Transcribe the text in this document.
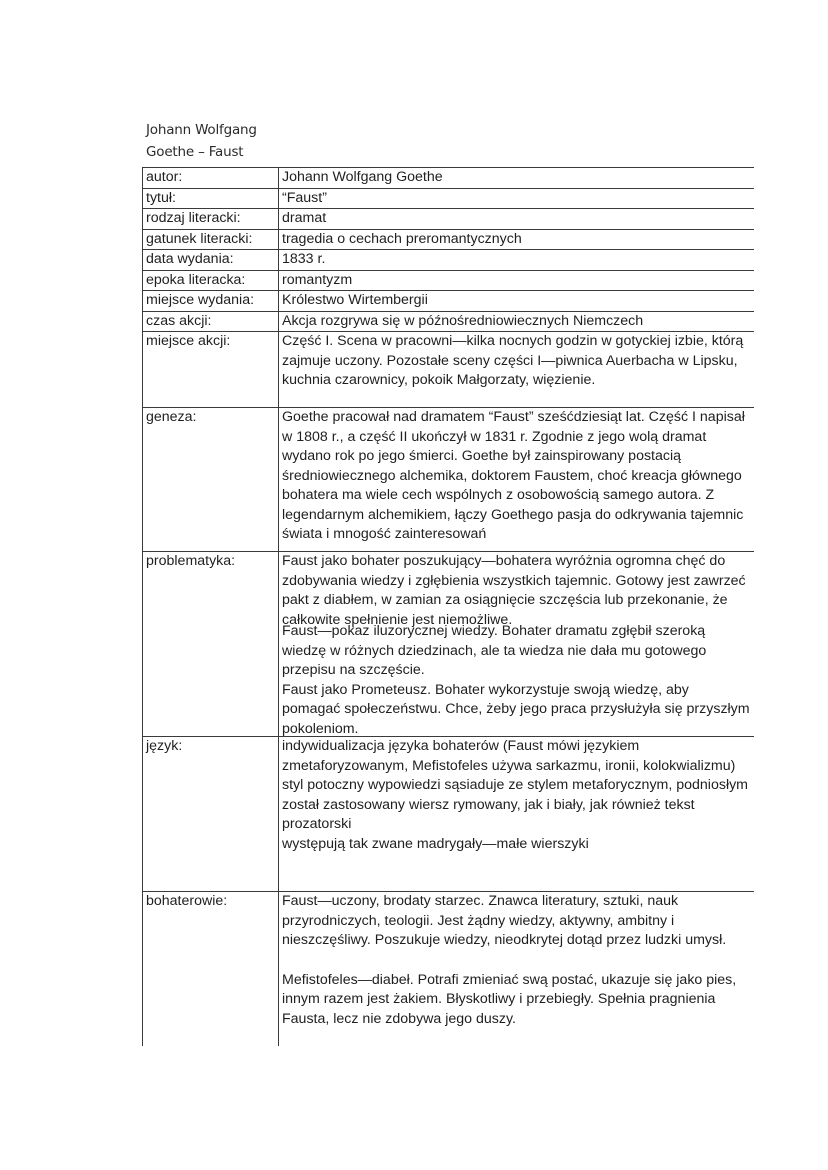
Johann Wolfgang
Goethe – Faust
autor:	Johann Wolfgang Goethe
tytuł:	“Faust”
rodzaj literacki:	dramat
gatunek literacki:	tragedia o cechach preromantycznych
data wydania:	1833 r.
epoka literacka:	romantyzm
miejsce wydania:	Królestwo Wirtembergii
czas akcji:	Akcja rozgrywa się w późnośredniowiecznych Niemczech
miejsce akcji:	Część I. Scena w pracowni—kilka nocnych godzin w gotyckiej izbie, którą zajmuje uczony. Pozostałe sceny części I—piwnica Auerbacha w Lipsku, kuchnia czarownicy, pokoik Małgorzaty, więzienie.

geneza:	Goethe pracował nad dramatem “Faust” sześćdziesiąt lat. Część I napisał w 1808 r., a część II ukończył w 1831 r. Zgodnie z jego wolą dramat wydano rok po jego śmierci. Goethe był zainspirowany postacią średniowiecznego alchemika, doktorem Faustem, choć kreacja głównego bohatera ma wiele cech wspólnych z osobowością samego autora. Z legendarnym alchemikiem, łączy Goethego pasja do odkrywania tajemnic świata i mnogość zainteresowań

problematyka:	Faust jako bohater poszukujący—bohatera wyróżnia ogromna chęć do zdobywania wiedzy i zgłębienia wszystkich tajemnic. Gotowy jest zawrzeć pakt z diabłem, w zamian za osiągnięcie szczęścia lub przekonanie, że całkowite spełnienie jest niemożliwe.
Faust—pokaz iluzorycznej wiedzy. Bohater dramatu zgłębił szeroką wiedzę w różnych dziedzinach, ale ta wiedza nie dała mu gotowego przepisu na szczęście.
Faust jako Prometeusz. Bohater wykorzystuje swoją wiedzę, aby pomagać społeczeństwu. Chce, żeby jego praca przysłużyła się przyszłym pokoleniom.

język:	indywidualizacja języka bohaterów (Faust mówi językiem zmetaforyzowanym, Mefistofeles używa sarkazmu, ironii, kolokwializmu)
styl potoczny wypowiedzi sąsiaduje ze stylem metaforycznym, podniosłym
został zastosowany wiersz rymowany, jak i biały, jak również tekst prozatorski
występują tak zwane madrygały—małe wierszyki

bohaterowie:	Faust—uczony, brodaty starzec. Znawca literatury, sztuki, nauk przyrodniczych, teologii. Jest żądny wiedzy, aktywny, ambitny i nieszczęśliwy. Poszukuje wiedzy, nieodkrytej dotąd przez ludzki umysł.
Mefistofeles—diabeł. Potrafi zmieniać swą postać, ukazuje się jako pies, innym razem jest żakiem. Błyskotliwy i przebiegły. Spełnia pragnienia Fausta, lecz nie zdobywa jego duszy.
